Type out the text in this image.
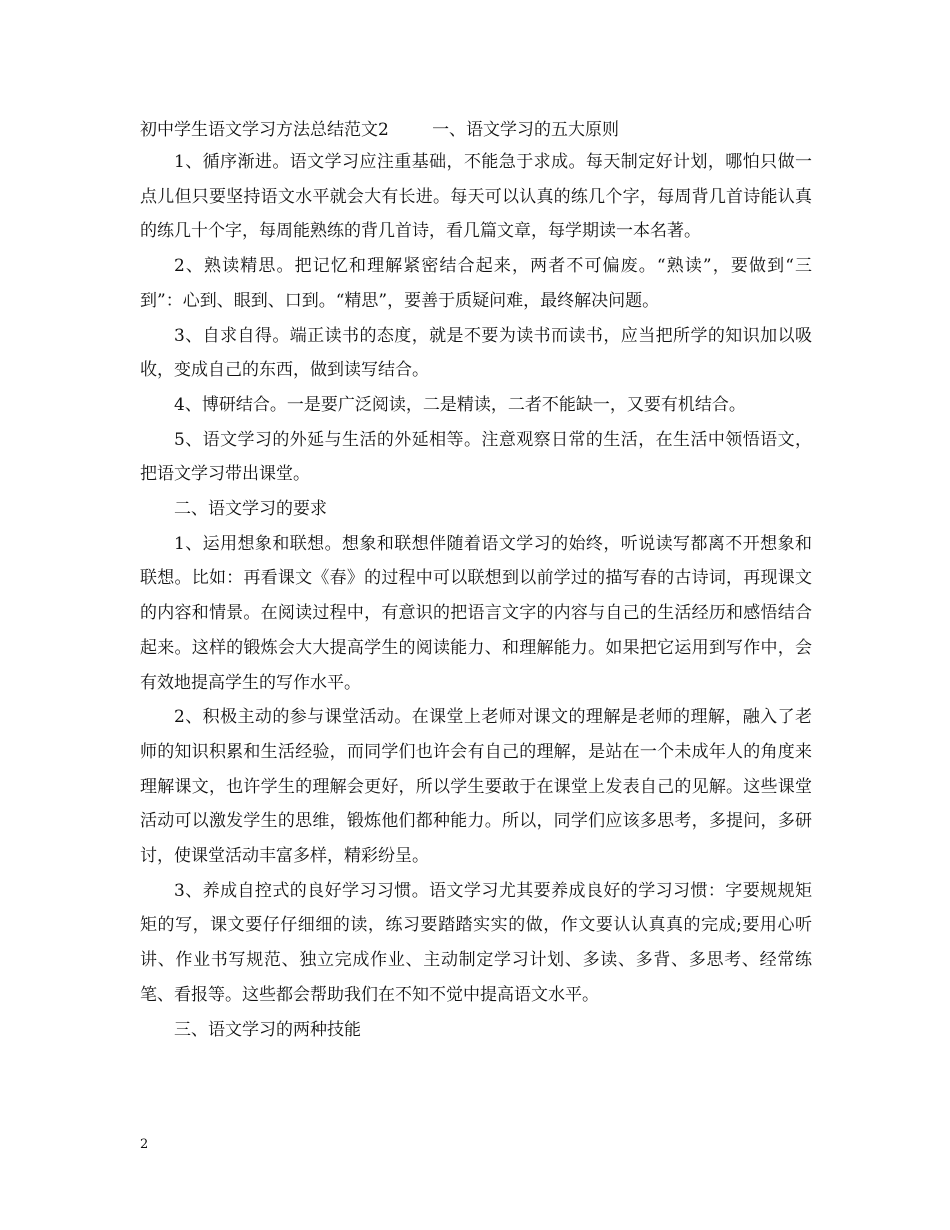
初中学生语文学习方法总结范文2	一、语文学习的五大原则

1、循序渐进。语文学习应注重基础，不能急于求成。每天制定好计划，哪怕只做一点儿但只要坚持语文水平就会大有长进。每天可以认真的练几个字，每周背几首诗能认真的练几十个字，每周能熟练的背几首诗，看几篇文章，每学期读一本名著。

2、熟读精思。把记忆和理解紧密结合起来，两者不可偏废。“熟读”，要做到“三到”：心到、眼到、口到。“精思”，要善于质疑问难，最终解决问题。

3、自求自得。端正读书的态度，就是不要为读书而读书，应当把所学的知识加以吸收，变成自己的东西，做到读写结合。

4、博研结合。一是要广泛阅读，二是精读，二者不能缺一，又要有机结合。

5、语文学习的外延与生活的外延相等。注意观察日常的生活，在生活中领悟语文，把语文学习带出课堂。

二、语文学习的要求

1、运用想象和联想。想象和联想伴随着语文学习的始终，听说读写都离不开想象和联想。比如：再看课文《春》的过程中可以联想到以前学过的描写春的古诗词，再现课文的内容和情景。在阅读过程中，有意识的把语言文字的内容与自己的生活经历和感悟结合起来。这样的锻炼会大大提高学生的阅读能力、和理解能力。如果把它运用到写作中，会有效地提高学生的写作水平。

2、积极主动的参与课堂活动。在课堂上老师对课文的理解是老师的理解，融入了老师的知识积累和生活经验，而同学们也许会有自己的理解，是站在一个未成年人的角度来理解课文，也许学生的理解会更好，所以学生要敢于在课堂上发表自己的见解。这些课堂活动可以激发学生的思维，锻炼他们都种能力。所以，同学们应该多思考，多提问，多研讨，使课堂活动丰富多样，精彩纷呈。

3、养成自控式的良好学习习惯。语文学习尤其要养成良好的学习习惯：字要规规矩矩的写，课文要仔仔细细的读，练习要踏踏实实的做，作文要认认真真的完成;要用心听讲、作业书写规范、独立完成作业、主动制定学习计划、多读、多背、多思考、经常练笔、看报等。这些都会帮助我们在不知不觉中提高语文水平。

三、语文学习的两种技能

2
